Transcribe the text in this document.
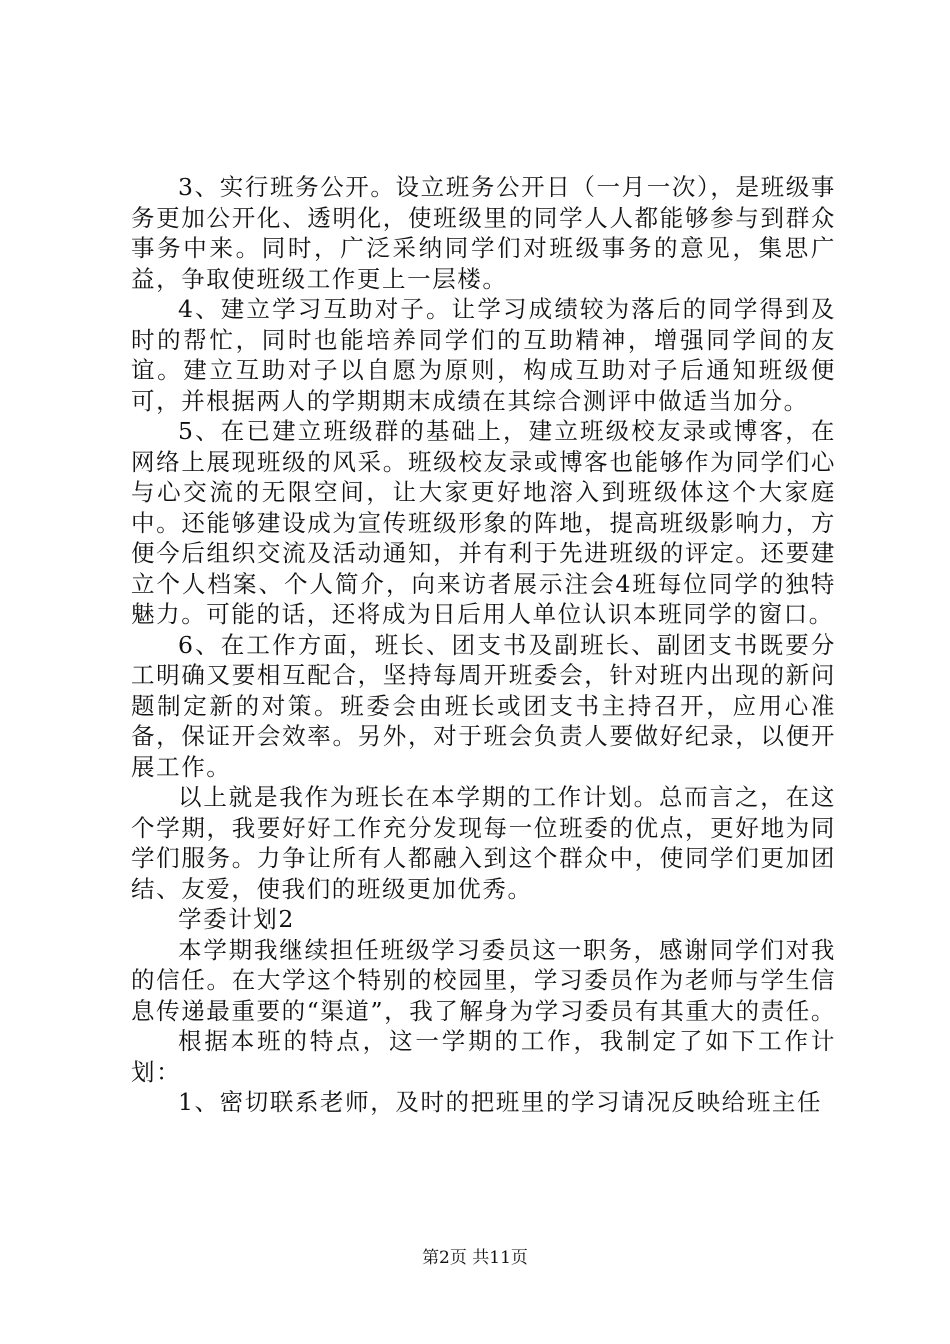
3、实行班务公开。设立班务公开日（一月一次），是班级事务更加公开化、透明化，使班级里的同学人人都能够参与到群众事务中来。同时，广泛采纳同学们对班级事务的意见，集思广益，争取使班级工作更上一层楼。

4、建立学习互助对子。让学习成绩较为落后的同学得到及时的帮忙，同时也能培养同学们的互助精神，增强同学间的友谊。建立互助对子以自愿为原则，构成互助对子后通知班级便可，并根据两人的学期期末成绩在其综合测评中做适当加分。

5、在已建立班级群的基础上，建立班级校友录或博客，在网络上展现班级的风采。班级校友录或博客也能够作为同学们心与心交流的无限空间，让大家更好地溶入到班级体这个大家庭中。还能够建设成为宣传班级形象的阵地，提高班级影响力，方便今后组织交流及活动通知，并有利于先进班级的评定。还要建立个人档案、个人简介，向来访者展示注会4班每位同学的独特魅力。可能的话，还将成为日后用人单位认识本班同学的窗口。

6、在工作方面，班长、团支书及副班长、副团支书既要分工明确又要相互配合，坚持每周开班委会，针对班内出现的新问题制定新的对策。班委会由班长或团支书主持召开，应用心准备，保证开会效率。另外，对于班会负责人要做好纪录，以便开展工作。

以上就是我作为班长在本学期的工作计划。总而言之，在这个学期，我要好好工作充分发现每一位班委的优点，更好地为同学们服务。力争让所有人都融入到这个群众中，使同学们更加团结、友爱，使我们的班级更加优秀。

学委计划2

本学期我继续担任班级学习委员这一职务，感谢同学们对我的信任。在大学这个特别的校园里，学习委员作为老师与学生信息传递最重要的“渠道”，我了解身为学习委员有其重大的责任。

根据本班的特点，这一学期的工作，我制定了如下工作计划：

1、密切联系老师，及时的把班里的学习请况反映给班主任

第2页 共11页
